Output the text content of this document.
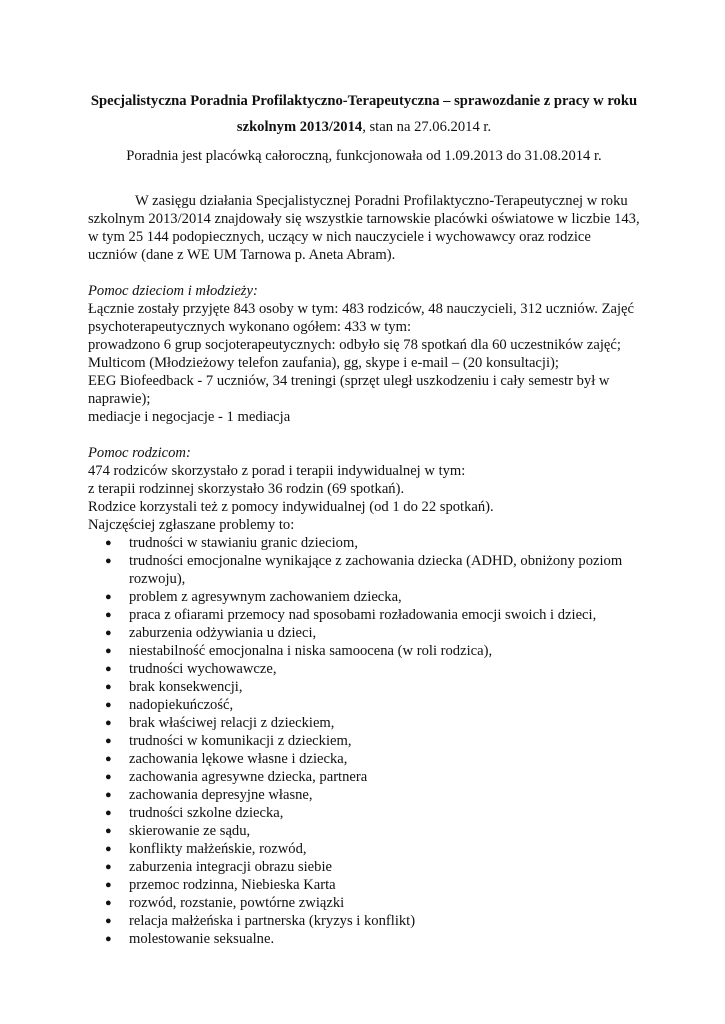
Specjalistyczna Poradnia Profilaktyczno-Terapeutyczna – sprawozdanie z pracy w roku
szkolnym 2013/2014, stan na 27.06.2014 r.

Poradnia jest placówką całoroczną, funkcjonowała od 1.09.2013 do 31.08.2014 r.

W zasięgu działania Specjalistycznej Poradni Profilaktyczno-Terapeutycznej w roku szkolnym 2013/2014 znajdowały się wszystkie tarnowskie placówki oświatowe w liczbie 143, w tym 25 144 podopiecznych, uczący w nich nauczyciele i wychowawcy oraz rodzice uczniów (dane z WE UM Tarnowa p. Aneta Abram).

Pomoc dzieciom i młodzieży:

Łącznie zostały przyjęte 843 osoby w tym: 483 rodziców, 48 nauczycieli, 312 uczniów. Zajęć psychoterapeutycznych wykonano ogółem: 433 w tym:

prowadzono 6 grup socjoterapeutycznych: odbyło się 78 spotkań dla 60 uczestników zajęć;

Multicom (Młodzieżowy telefon zaufania), gg, skype i e-mail – (20 konsultacji);

EEG Biofeedback - 7 uczniów, 34 treningi (sprzęt uległ uszkodzeniu i cały semestr był w naprawie);

mediacje i negocjacje - 1 mediacja

Pomoc rodzicom:

474 rodziców skorzystało z porad i terapii indywidualnej w tym:

z terapii rodzinnej skorzystało 36 rodzin (69 spotkań).

Rodzice korzystali też z pomocy indywidualnej (od 1 do 22 spotkań).

Najczęściej zgłaszane problemy to:

● trudności w stawianiu granic dzieciom,
● trudności emocjonalne wynikające z zachowania dziecka (ADHD, obniżony poziom rozwoju),
● problem z agresywnym zachowaniem dziecka,
● praca z ofiarami przemocy nad sposobami rozładowania emocji swoich i dzieci,
● zaburzenia odżywiania u dzieci,
● niestabilność emocjonalna i niska samoocena (w roli rodzica),
● trudności wychowawcze,
● brak konsekwencji,
● nadopiekuńczość,
● brak właściwej relacji z dzieckiem,
● trudności w komunikacji z dzieckiem,
● zachowania lękowe własne i dziecka,
● zachowania agresywne dziecka, partnera
● zachowania depresyjne własne,
● trudności szkolne dziecka,
● skierowanie ze sądu,
● konflikty małżeńskie, rozwód,
● zaburzenia integracji obrazu siebie
● przemoc rodzinna, Niebieska Karta
● rozwód, rozstanie, powtórne związki
● relacja małżeńska i partnerska (kryzys i konflikt)
● molestowanie seksualne.
